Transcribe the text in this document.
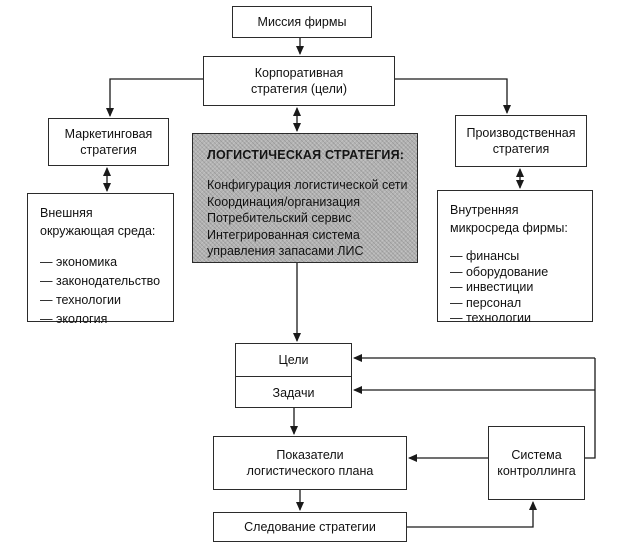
Миссия фирмы
Корпоративная
стратегия (цели)
Маркетинговая
стратегия
Производственная
стратегия
ЛОГИСТИЧЕСКАЯ СТРАТЕГИЯ:
Конфигурация логистической сети
Координация/организация
Потребительский сервис
Интегрированная система
управления запасами ЛИС
Внешняя
окружающая среда:
— экономика
— законодательство
— технологии
— экология
Внутренняя
микросреда фирмы:
— финансы
— оборудование
— инвестиции
— персонал
— технологии
Цели
Задачи
Показатели
логистического плана
Система
контроллинга
Следование стратегии
